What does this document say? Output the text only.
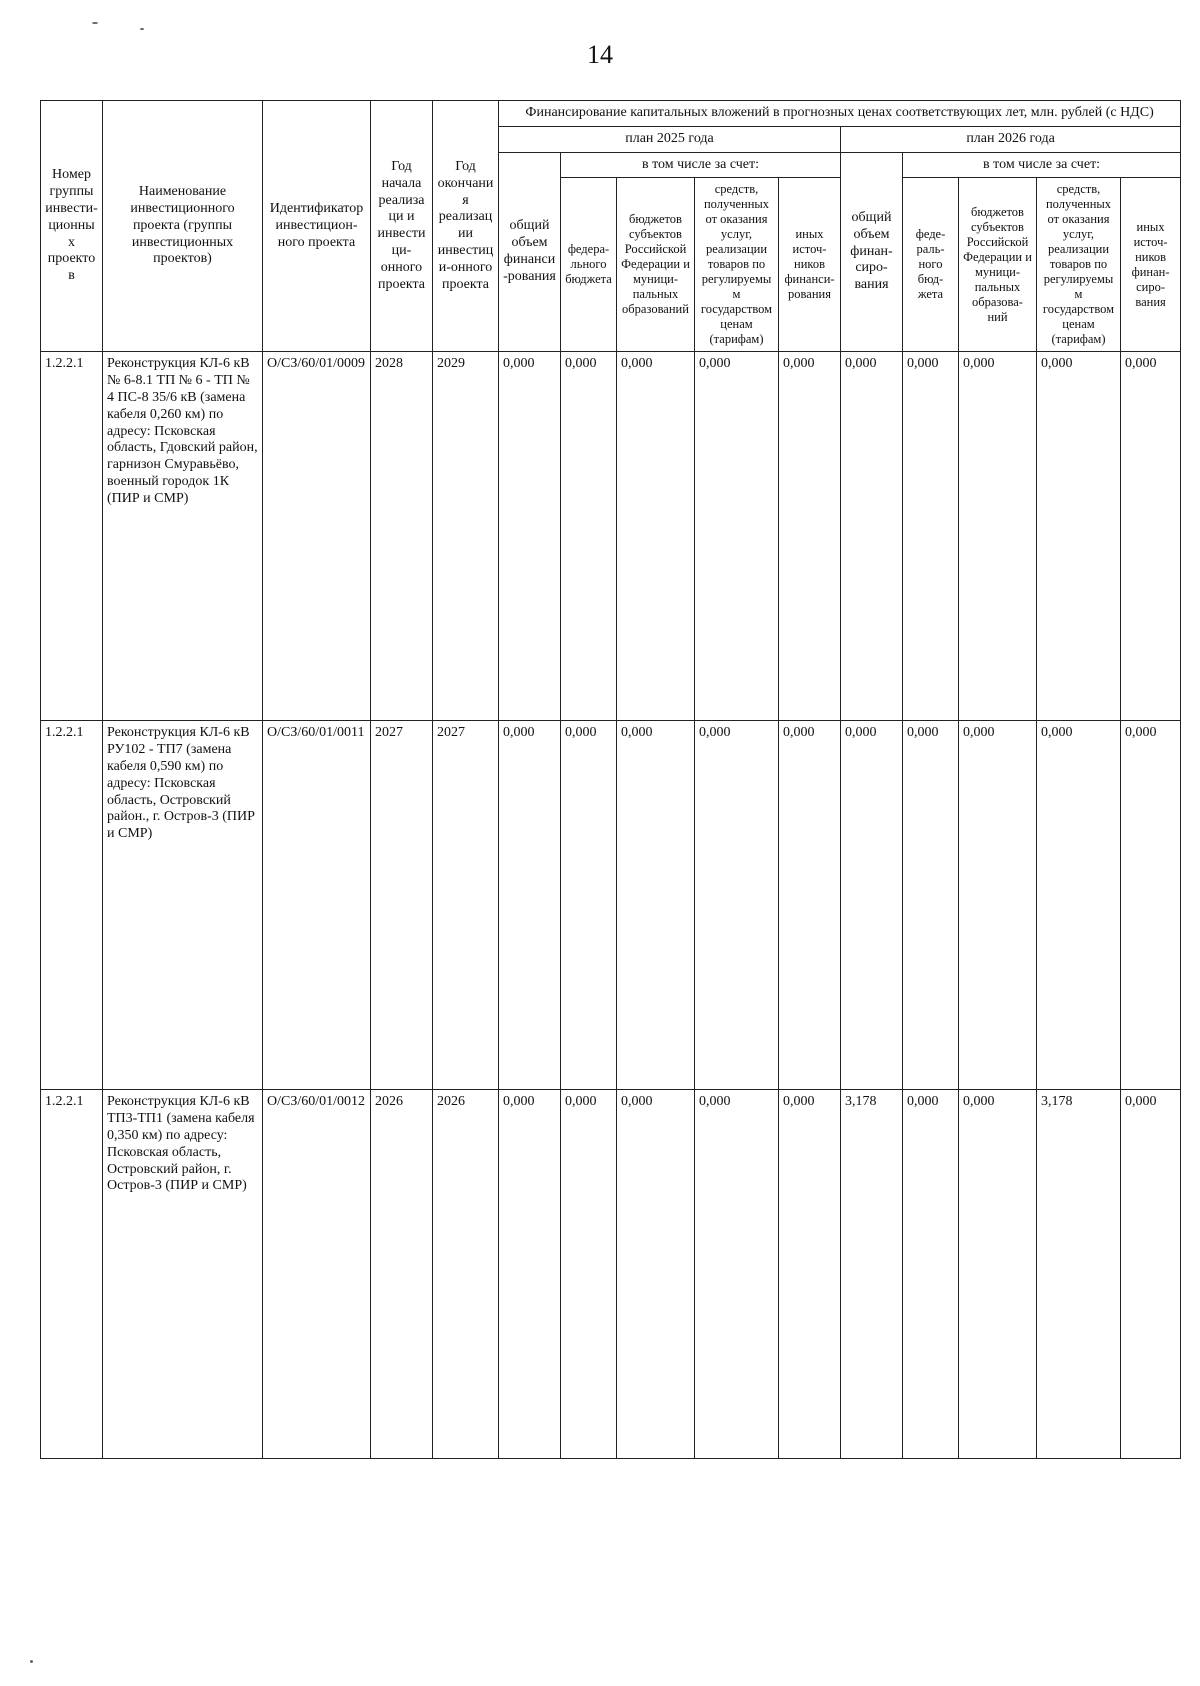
14
Номер группы инвести-ционных проекто в	Наименование инвестиционного проекта (группы инвестиционных проектов)	Идентификатор инвестицион-ного проекта	Год начала реализаци и инвестици-онного проекта	Год окончания реализации инвестици-онного проекта	Финансирование капитальных вложений в прогнозных ценах соответствующих лет, млн. рублей (с НДС)									
					план 2025 года					план 2026 года				
					общий объем финанси-рования	в том числе за счет:				общий объем финан-сиро-вания	в том числе за счет:			
						федера-льного бюджета	бюджетов субъектов Российской Федерации и муници-пальных образований	средств, полученных от оказания услуг, реализации товаров по регулируемым государством ценам (тарифам)	иных источ-ников финанси-рования		феде-раль-ного бюд-жета	бюджетов субъектов Российской Федерации и муници-пальных образова-ний	средств, полученных от оказания услуг, реализации товаров по регулируемым государством ценам (тарифам)	иных источ-ников финан-сиро-вания
1.2.2.1	Реконструкция КЛ-6 кВ № 6-8.1 ТП № 6 - ТП № 4 ПС-8 35/6 кВ (замена кабеля 0,260 км) по адресу: Псковская область, Гдовский район, гарнизон Смуравьёво, военный городок 1К (ПИР и СМР)	О/СЗ/60/01/0009	2028	2029	0,000	0,000	0,000	0,000	0,000	0,000	0,000	0,000	0,000	0,000
1.2.2.1	Реконструкция КЛ-6 кВ РУ102 - ТП7 (замена кабеля 0,590 км) по адресу: Псковская область, Островский район., г. Остров-3 (ПИР и СМР)	О/СЗ/60/01/0011	2027	2027	0,000	0,000	0,000	0,000	0,000	0,000	0,000	0,000	0,000	0,000
1.2.2.1	Реконструкция КЛ-6 кВ ТП3-ТП1 (замена кабеля 0,350 км) по адресу: Псковская область, Островский район, г. Остров-3 (ПИР и СМР)	О/СЗ/60/01/0012	2026	2026	0,000	0,000	0,000	0,000	0,000	3,178	0,000	0,000	3,178	0,000
